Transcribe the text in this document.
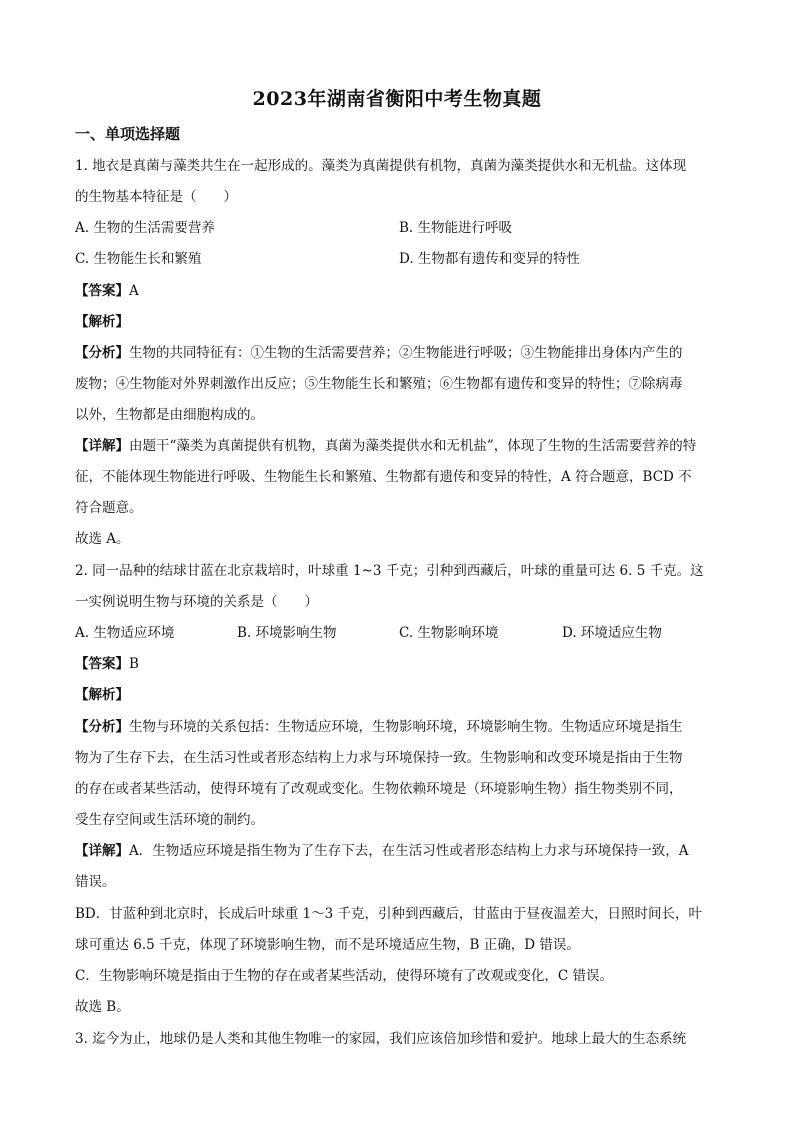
2023年湖南省衡阳中考生物真题
一、单项选择题
1. 地衣是真菌与藻类共生在一起形成的。藻类为真菌提供有机物，真菌为藻类提供水和无机盐。这体现
的生物基本特征是（　　）
A. 生物的生活需要营养	B. 生物能进行呼吸
C. 生物能生长和繁殖	D. 生物都有遗传和变异的特性
【答案】A
【解析】
【分析】生物的共同特征有：①生物的生活需要营养；②生物能进行呼吸；③生物能排出身体内产生的
废物；④生物能对外界刺激作出反应；⑤生物能生长和繁殖；⑥生物都有遗传和变异的特性；⑦除病毒
以外，生物都是由细胞构成的。
【详解】由题干“藻类为真菌提供有机物，真菌为藻类提供水和无机盐”，体现了生物的生活需要营养的特
征，不能体现生物能进行呼吸、生物能生长和繁殖、生物都有遗传和变异的特性，A 符合题意，BCD 不
符合题意。
故选 A。
2. 同一品种的结球甘蓝在北京栽培时，叶球重 1~3 千克；引种到西藏后，叶球的重量可达 6. 5 千克。这
一实例说明生物与环境的关系是（　　）
A. 生物适应环境	B. 环境影响生物	C. 生物影响环境	D. 环境适应生物
【答案】B
【解析】
【分析】生物与环境的关系包括：生物适应环境，生物影响环境，环境影响生物。生物适应环境是指生
物为了生存下去，在生活习性或者形态结构上力求与环境保持一致。生物影响和改变环境是指由于生物
的存在或者某些活动，使得环境有了改观或变化。生物依赖环境是（环境影响生物）指生物类别不同，
受生存空间或生活环境的制约。
【详解】A．生物适应环境是指生物为了生存下去，在生活习性或者形态结构上力求与环境保持一致，A
错误。
BD．甘蓝种到北京时，长成后叶球重 1～3 千克，引种到西藏后，甘蓝由于昼夜温差大，日照时间长，叶
球可重达 6.5 千克，体现了环境影响生物，而不是环境适应生物，B 正确，D 错误。
C．生物影响环境是指由于生物的存在或者某些活动，使得环境有了改观或变化，C 错误。
故选 B。
3. 迄今为止，地球仍是人类和其他生物唯一的家园，我们应该倍加珍惜和爱护。地球上最大的生态系统
